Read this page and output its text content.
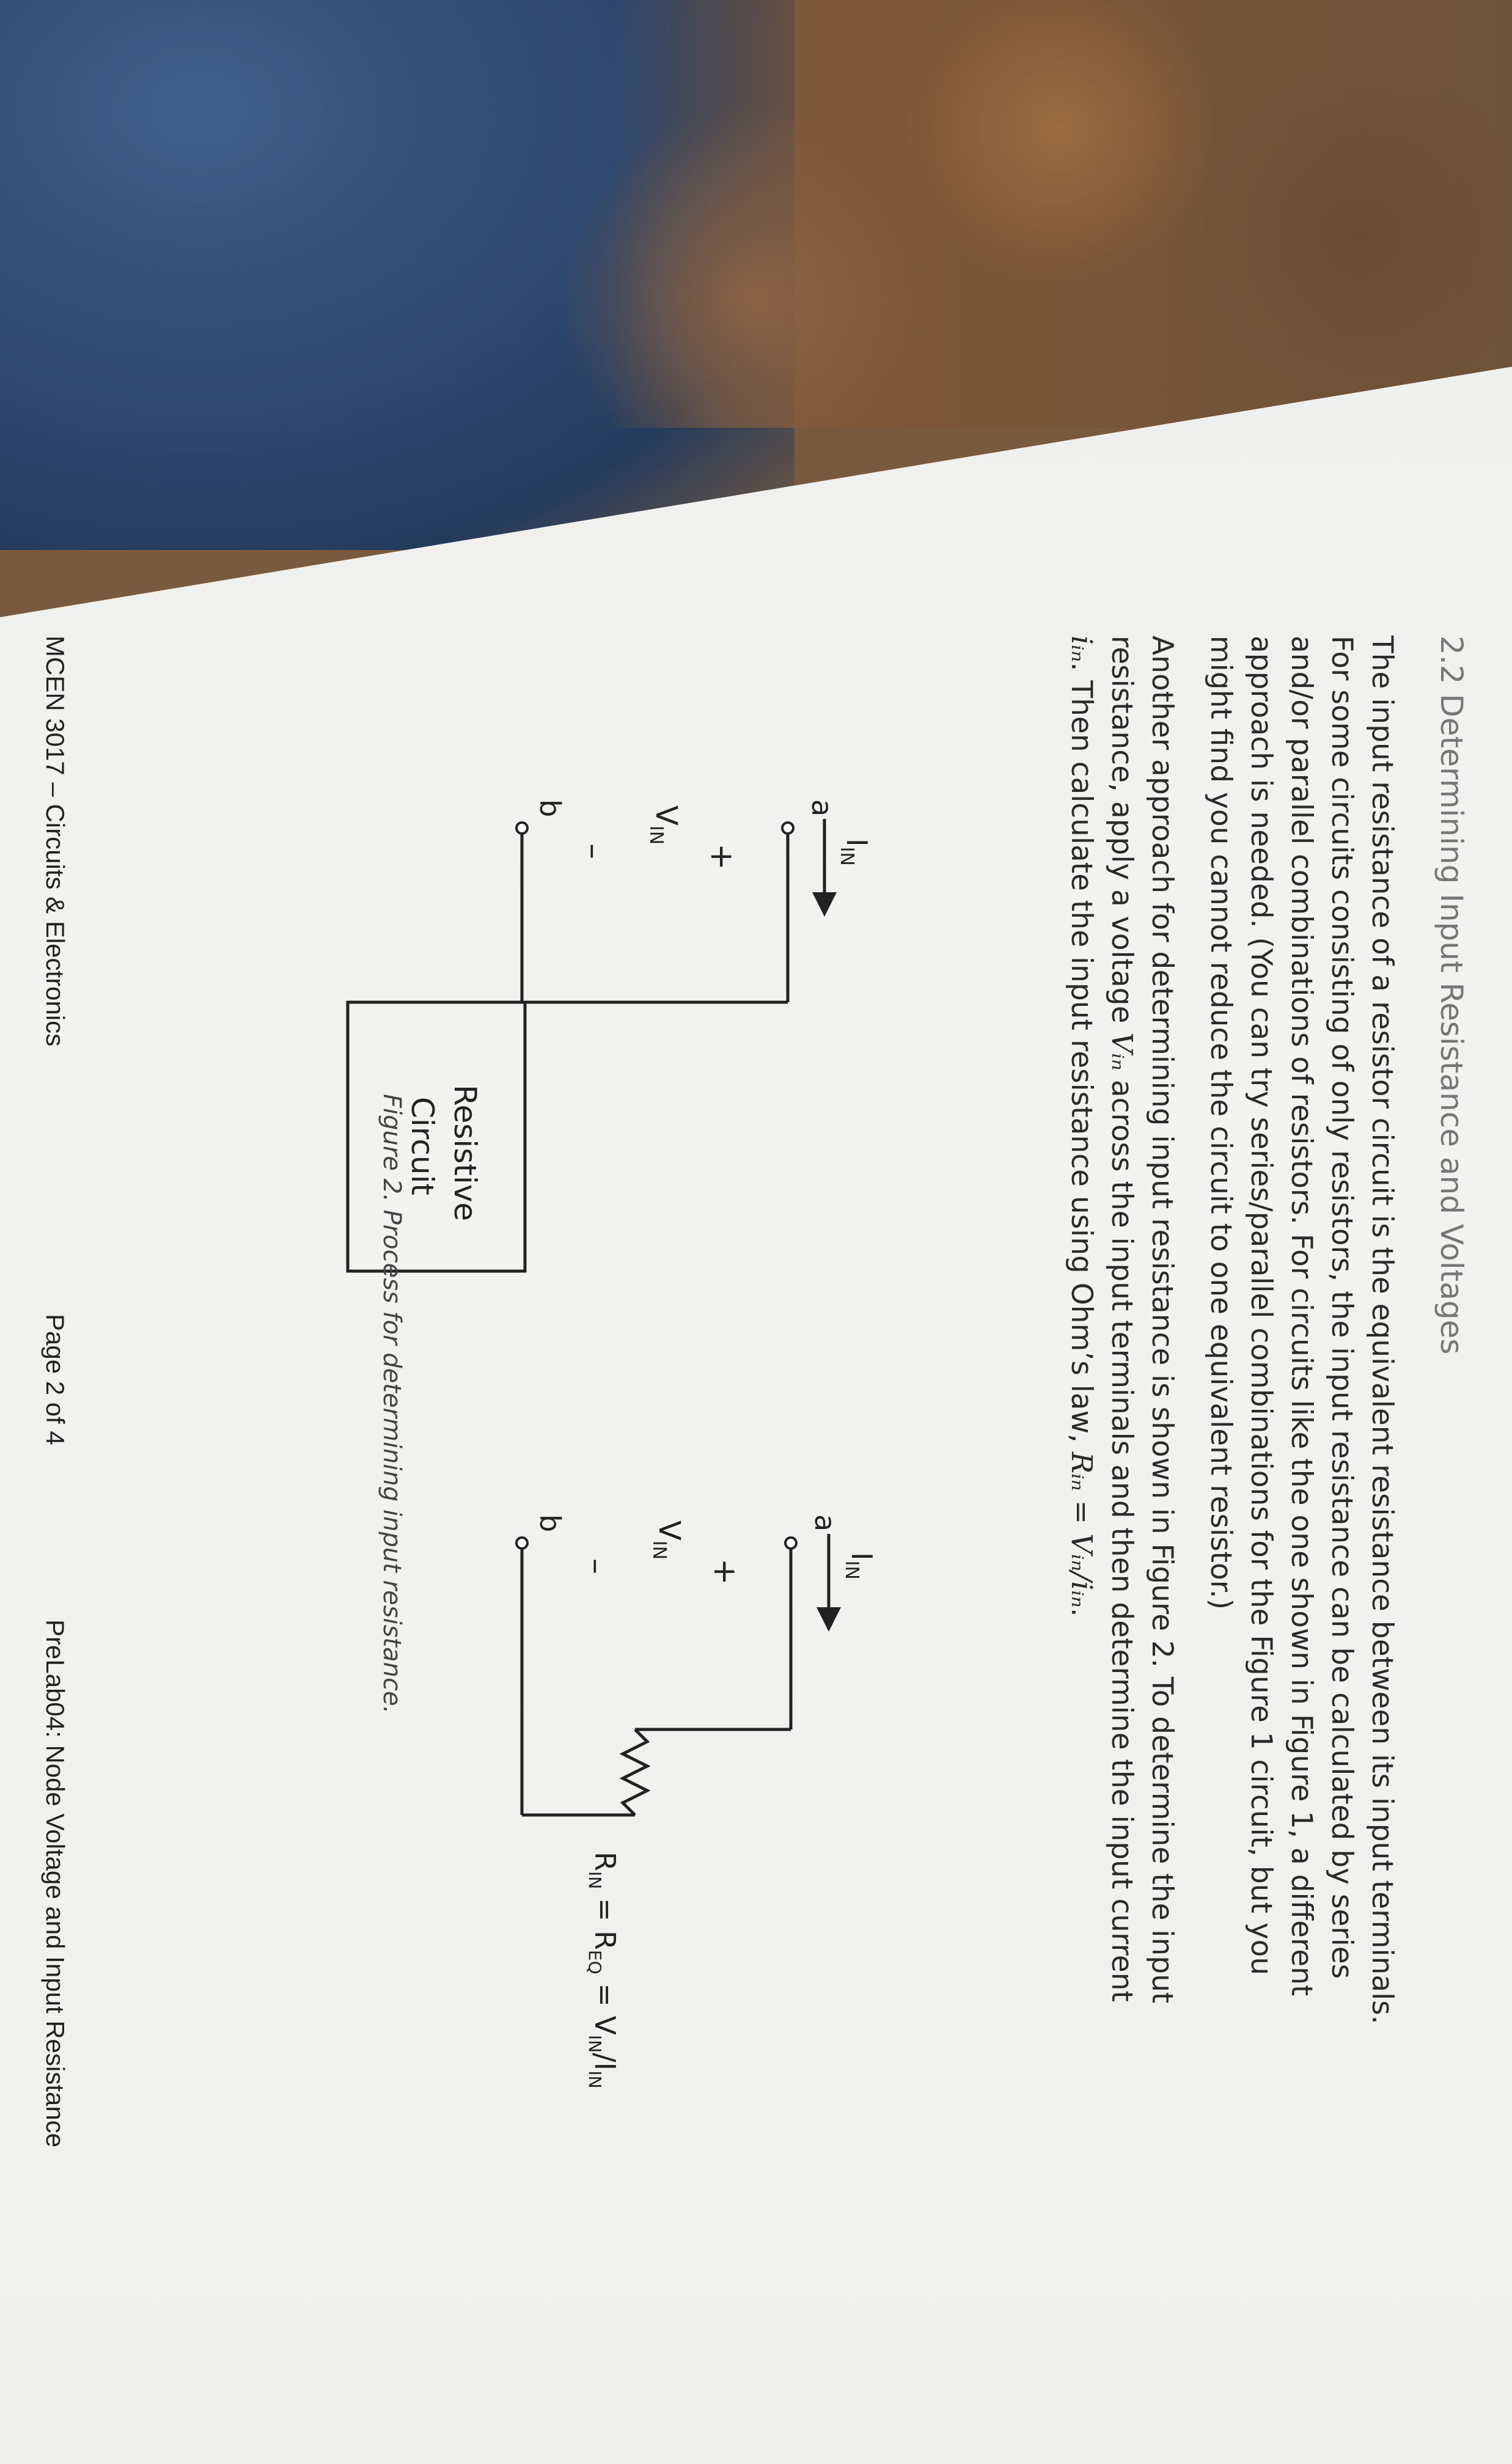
2.2 Determining Input Resistance and Voltages
The input resistance of a resistor circuit is the equivalent resistance between its input terminals.
For some circuits consisting of only resistors, the input resistance can be calculated by series
and/or parallel combinations of resistors. For circuits like the one shown in Figure 1, a different
approach is needed. (You can try series/parallel combinations for the Figure 1 circuit, but you
might find you cannot reduce the circuit to one equivalent resistor.)
Another approach for determining input resistance is shown in Figure 2. To determine the input
resistance, apply a voltage Vᵢₙ across the input terminals and then determine the input current
iᵢₙ. Then calculate the input resistance using Ohm’s law, Rᵢₙ = Vᵢₙ/iᵢₙ.
$I_{IN}$
a
+
$V_{IN}$
–
b
Resistive
Circuit
$I_{IN}$
a
+
$V_{IN}$
–
b
$R_{IN} = R_{EQ} = V_{IN}/I_{IN}$
Figure 2. Process for determining input resistance.
MCEN 3017 – Circuits & Electronics
Page 2 of 4
PreLab04: Node Voltage and Input Resistance
